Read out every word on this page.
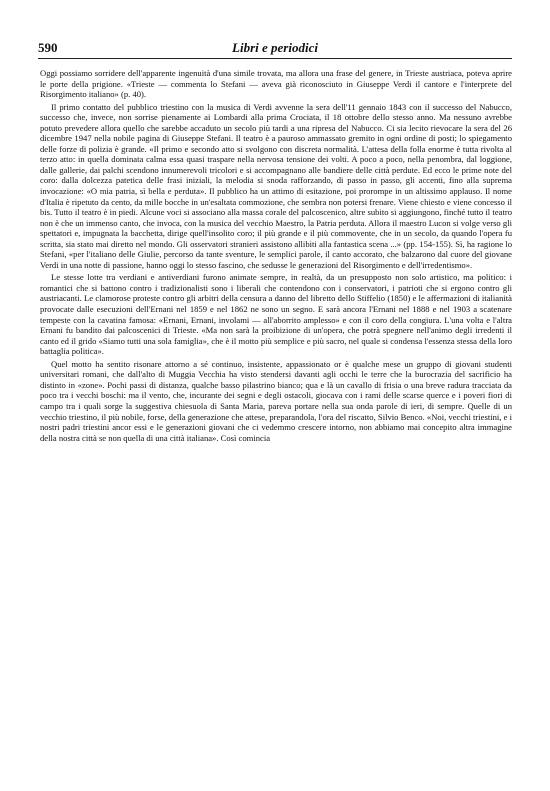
590	Libri e periodici

Oggi possiamo sorridere dell'apparente ingenuità d'una simile trovata, ma allora una frase del genere, in Trieste austriaca, poteva aprire le porte della prigione. «Trieste — commenta lo Stefani — aveva già riconosciuto in Giuseppe Verdi il cantore e l'interprete del Risorgimento italiano» (p. 40).

Il primo contatto del pubblico triestino con la musica di Verdi avvenne la sera dell'11 gennaio 1843 con il successo del Nabucco, successo che, invece, non sorrise pienamente ai Lombardi alla prima Crociata, il 18 ottobre dello stesso anno. Ma nessuno avrebbe potuto prevedere allora quello che sarebbe accaduto un secolo più tardi a una ripresa del Nabucco. Ci sia lecito rievocare la sera del 26 dicembre 1947 nella nobile pagina di Giuseppe Stefani. Il teatro è a pauroso ammassato gremito in ogni ordine di posti; lo spiegamento delle forze di polizia è grande. «Il primo e secondo atto si svolgono con discreta normalità. L'attesa della folla enorme è tutta rivolta al terzo atto: in quella dominata calma essa quasi traspare nella nervosa tensione dei volti. A poco a poco, nella penombra, dal loggione, dalle gallerie, dai palchi scendono innumerevoli tricolori e si accompagnano alle bandiere delle città perdute. Ed ecco le prime note del coro: dalla dolcezza patetica delle frasi iniziali, la melodia si snoda rafforzando, di passo in passo, gli accenti, fino alla suprema invocazione: «O mia patria, sì bella e perduta». Il pubblico ha un attimo di esitazione, poi prorompe in un altissimo applauso. Il nome d'Italia è ripetuto da cento, da mille bocche in un'esaltata commozione, che sembra non potersi frenare. Viene chiesto e viene concesso il bis. Tutto il teatro è in piedi. Alcune voci si associano alla massa corale del palcoscenico, altre subito si aggiungono, finché tutto il teatro non è che un immenso canto, che invoca, con la musica del vecchio Maestro, la Patria perduta. Allora il maestro Lucon si volge verso gli spettatori e, impugnata la bacchetta, dirige quell'insolito coro; il più grande e il più commovente, che in un secolo, da quando l'opera fu scritta, sia stato mai diretto nel mondo. Gli osservatori stranieri assistono allibiti alla fantastica scena ...» (pp. 154-155). Sì, ha ragione lo Stefani, «per l'italiano delle Giulie, percorso da tante sventure, le semplici parole, il canto accorato, che balzarono dal cuore del giovane Verdi in una notte di passione, hanno oggi lo stesso fascino, che sedusse le generazioni del Risorgimento e dell'irredentismo».

Le stesse lotte tra verdiani e antiverdiani furono animate sempre, in realtà, da un presupposto non solo artistico, ma politico: i romantici che si battono contro i tradizionalisti sono i liberali che contendono con i conservatori, i patrioti che si ergono contro gli austriacanti. Le clamorose proteste contro gli arbitri della censura a danno del libretto dello Stiffelio (1850) e le affermazioni di italianità provocate dalle esecuzioni dell'Ernani nel 1859 e nel 1862 ne sono un segno. E sarà ancora l'Ernani nel 1888 e nel 1903 a scatenare tempeste con la cavatina famosa: «Ernani, Ernani, involami — all'aborrito amplesso» e con il coro della congiura. L'una volta e l'altra Ernani fu bandito dai palcoscenici di Trieste. «Ma non sarà la proibizione di un'opera, che potrà spegnere nell'animo degli irredenti il canto ed il grido «Siamo tutti una sola famiglia», che è il motto più semplice e più sacro, nel quale si condensa l'essenza stessa della loro battaglia politica».

Quel motto ha sentito risonare attorno a sé continuo, insistente, appassionato or è qualche mese un gruppo di giovani studenti universitari romani, che dall'alto di Muggia Vecchia ha visto stendersi davanti agli occhi le terre che la burocrazia del sacrificio ha distinto in «zone». Pochi passi di distanza, qualche basso pilastrino bianco; qua e là un cavallo di frisia o una breve radura tracciata da poco tra i vecchi boschi: ma il vento, che, incurante dei segni e degli ostacoli, giocava con i rami delle scarse querce e i poveri fiori di campo tra i quali sorge la suggestiva chiesuola di Santa Maria, pareva portare nella sua onda parole di ieri, di sempre. Quelle di un vecchio triestino, il più nobile, forse, della generazione che attese, preparandola, l'ora del riscatto, Silvio Benco. «Noi, vecchi triestini, e i nostri padri triestini ancor essi e le generazioni giovani che ci vedemmo crescere intorno, non abbiamo mai concepito altra immagine della nostra città se non quella di una città italiana». Così comincia
